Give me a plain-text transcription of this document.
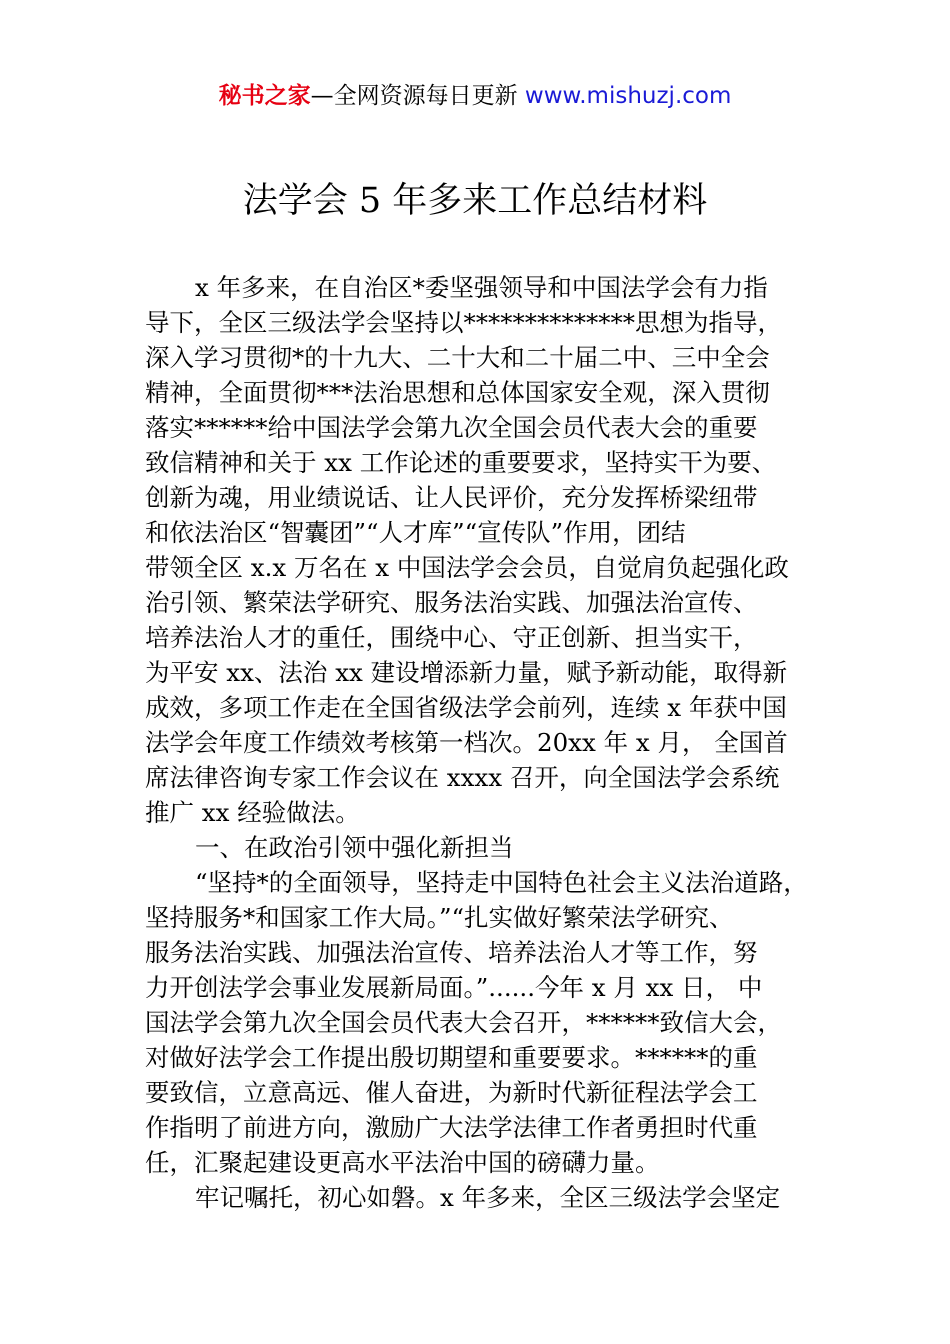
秘书之家—全网资源每日更新 www.mishuzj.com
法学会 5 年多来工作总结材料
x 年多来，在自治区*委坚强领导和中国法学会有力指
导下，全区三级法学会坚持以**************思想为指导，
深入学习贯彻*的十九大、二十大和二十届二中、三中全会
精神，全面贯彻***法治思想和总体国家安全观，深入贯彻
落实******给中国法学会第九次全国会员代表大会的重要
致信精神和关于 xx 工作论述的重要要求，坚持实干为要、
创新为魂，用业绩说话、让人民评价，充分发挥桥梁纽带
和依法治区“智囊团”“人才库”“宣传队”作用，团结
带领全区 x.x 万名在 x 中国法学会会员，自觉肩负起强化政
治引领、繁荣法学研究、服务法治实践、加强法治宣传、
培养法治人才的重任，围绕中心、守正创新、担当实干，
为平安 xx、法治 xx 建设增添新力量，赋予新动能，取得新
成效，多项工作走在全国省级法学会前列，连续 x 年获中国
法学会年度工作绩效考核第一档次。20xx 年 x 月， 全国首
席法律咨询专家工作会议在 xxxx 召开，向全国法学会系统
推广 xx 经验做法。
一、在政治引领中强化新担当
“坚持*的全面领导，坚持走中国特色社会主义法治道路，
坚持服务*和国家工作大局。”“扎实做好繁荣法学研究、
服务法治实践、加强法治宣传、培养法治人才等工作，努
力开创法学会事业发展新局面。”......今年 x 月 xx 日， 中
国法学会第九次全国会员代表大会召开，******致信大会，
对做好法学会工作提出殷切期望和重要要求。******的重
要致信，立意高远、催人奋进，为新时代新征程法学会工
作指明了前进方向，激励广大法学法律工作者勇担时代重
任，汇聚起建设更高水平法治中国的磅礴力量。
牢记嘱托，初心如磐。x 年多来，全区三级法学会坚定
